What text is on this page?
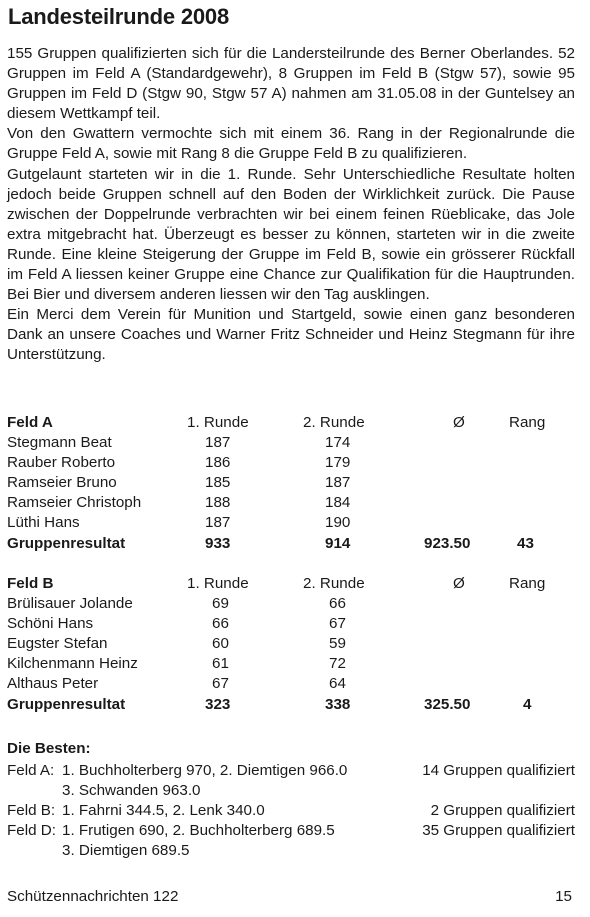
Landesteilrunde 2008

155 Gruppen qualifizierten sich für die Landersteilrunde des Berner Oberlandes. 52 Gruppen im Feld A (Standardgewehr), 8 Gruppen im Feld B (Stgw 57), sowie 95 Gruppen im Feld D (Stgw 90, Stgw 57 A) nahmen am 31.05.08 in der Guntelsey an diesem Wettkampf teil.

Von den Gwattern vermochte sich mit einem 36. Rang in der Regionalrunde die Gruppe Feld A, sowie mit Rang 8 die Gruppe Feld B zu qualifizieren.

Gutgelaunt starteten wir in die 1. Runde. Sehr Unterschiedliche Resultate holten jedoch beide Gruppen schnell auf den Boden der Wirklichkeit zurück. Die Pause zwischen der Doppelrunde verbrachten wir bei einem feinen Rüeblicake, das Jole extra mitgebracht hat. Überzeugt es besser zu können, starteten wir in die zweite Runde. Eine kleine Steigerung der Gruppe im Feld B, sowie ein grösserer Rückfall im Feld A liessen keiner Gruppe eine Chance zur Qualifikation für die Hauptrunden. Bei Bier und diversem anderen liessen wir den Tag ausklingen.

Ein Merci dem Verein für Munition und Startgeld, sowie einen ganz besonderen Dank an unsere Coaches und Warner Fritz Schneider und Heinz Stegmann für ihre Unterstützung.

Feld A	1. Runde	2. Runde	Ø	Rang
Stegmann Beat	187	174
Rauber Roberto	186	179
Ramseier Bruno	185	187
Ramseier Christoph	188	184
Lüthi Hans	187	190
Gruppenresultat	933	914	923.50	43
Feld B	1. Runde	2. Runde	Ø	Rang
Brülisauer Jolande	69	66
Schöni Hans	66	67
Eugster Stefan	60	59
Kilchenmann Heinz	61	72
Althaus Peter	67	64
Gruppenresultat	323	338	325.50	4
Die Besten:
Feld A: 1. Buchholterberg 970, 2. Diemtigen 966.0	14 Gruppen qualifiziert
3. Schwanden 963.0
Feld B: 1. Fahrni 344.5, 2. Lenk 340.0	2 Gruppen qualifiziert
Feld D: 1. Frutigen 690, 2. Buchholterberg 689.5	35 Gruppen qualifiziert
3. Diemtigen 689.5
Schützennachrichten 122	15
